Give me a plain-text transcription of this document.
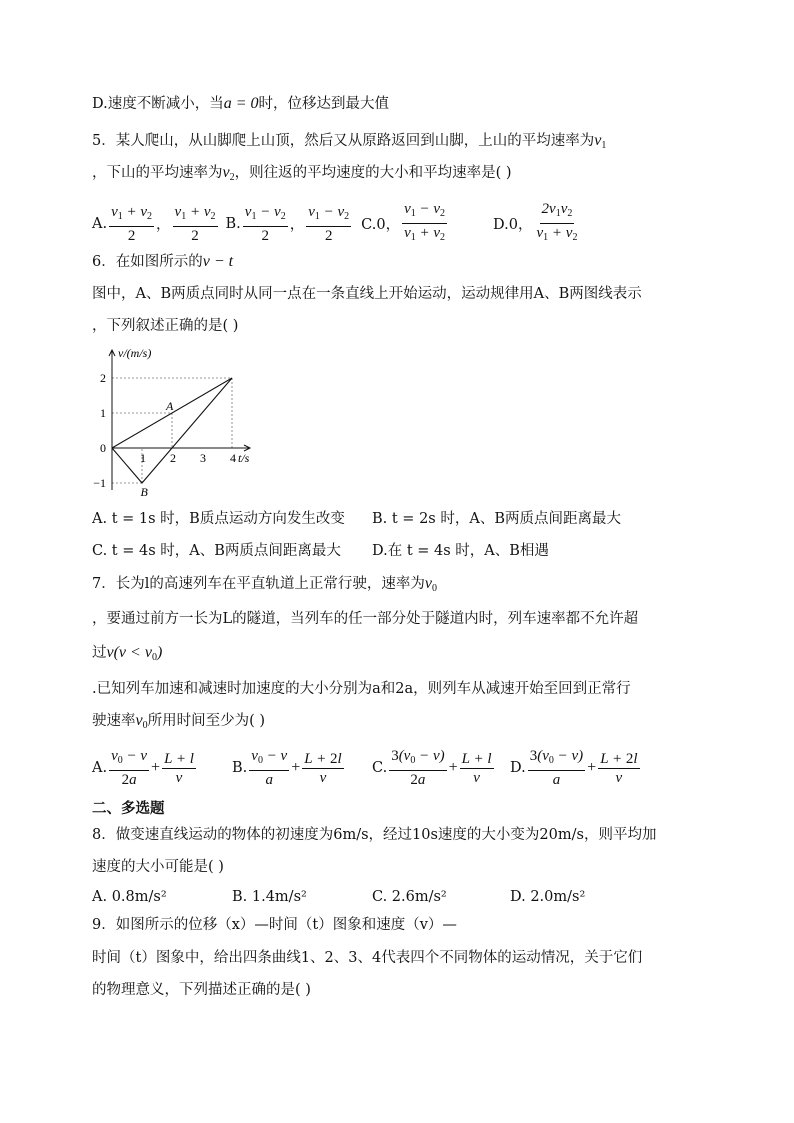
D.速度不断减小，当a = 0时，位移达到最大值
5．某人爬山，从山脚爬上山顶，然后又从原路返回到山脚，上山的平均速率为$v_1$
，下山的平均速率为$v_2$，则往返的平均速度的大小和平均速率是( )
A. $\frac{v_1 + v_2}{2}$ ， $\frac{v_1 + v_2}{2} B$. $\frac{v_1 - v_2}{2}$ ， $\frac{v_1 - v_2}{2} C.0$， $\frac{v_1 - v_2}{v_1 + v_2}$	D.0， $\frac{2v_1v_2}{v_1 + v_2}$
6．在如图所示的v − t
图中，A、B两质点同时从同一点在一条直线上开始运动，运动规律用A、B两图线表示
，下列叙述正确的是( )
1 2 3 4
2
1
0
−1
v/(m/s)
t/s
A
B
A. t = 1s 时，B质点运动方向发生改变 B. t = 2s 时，A、B两质点间距离最大
C. t = 4s 时，A、B两质点间距离最大 D.在 t = 4s 时，A、B相遇
7．长为l的高速列车在平直轨道上正常行驶，速率为$v_0$
，要通过前方一长为L的隧道，当列车的任一部分处于隧道内时，列车速率都不允许超
过$v(v < v_0)$
.已知列车加速和减速时加速度的大小分别为a和2a，则列车从减速开始至回到正常行
驶速率$v_0$所用时间至少为( )
A. $\frac{v_0 - v}{2a} + \frac{L + l}{v} B$. $\frac{v_0 - v}{a} + \frac{L + 2l}{v} C$. $\frac{3(v_0 - v)}{2a} + \frac{L + l}{v} D$. $\frac{3(v_0 - v)}{a} + \frac{L + 2l}{v}$
二、多选题
8．做变速直线运动的物体的初速度为6m/s，经过10s速度的大小变为20m/s，则平均加
速度的大小可能是( )
A. 0.8m/s²	B. 1.4m/s²	C. 2.6m/s²	D. 2.0m/s²
9．如图所示的位移（x）—时间（t）图象和速度（v）—
时间（t）图象中，给出四条曲线1、2、3、4代表四个不同物体的运动情况，关于它们
的物理意义，下列描述正确的是( )
